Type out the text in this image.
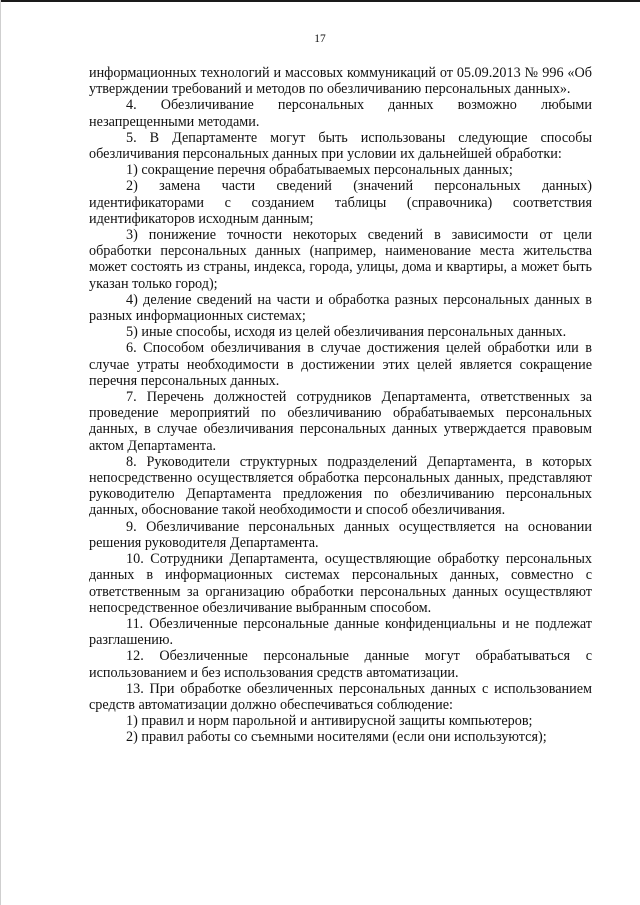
17

информационных технологий и массовых коммуникаций от 05.09.2013 № 996 «Об утверждении требований и методов по обезличиванию персональных данных».

4. Обезличивание персональных данных возможно любыми незапрещенными методами.

5. В Департаменте могут быть использованы следующие способы обезличивания персональных данных при условии их дальнейшей обработки:

1) сокращение перечня обрабатываемых персональных данных;

2) замена части сведений (значений персональных данных) идентификаторами с созданием таблицы (справочника) соответствия идентификаторов исходным данным;

3) понижение точности некоторых сведений в зависимости от цели обработки персональных данных (например, наименование места жительства может состоять из страны, индекса, города, улицы, дома и квартиры, а может быть указан только город);

4) деление сведений на части и обработка разных персональных данных в разных информационных системах;

5) иные способы, исходя из целей обезличивания персональных данных.

6. Способом обезличивания в случае достижения целей обработки или в случае утраты необходимости в достижении этих целей является сокращение перечня персональных данных.

7. Перечень должностей сотрудников Департамента, ответственных за проведение мероприятий по обезличиванию обрабатываемых персональных данных, в случае обезличивания персональных данных утверждается правовым актом Департамента.

8. Руководители структурных подразделений Департамента, в которых непосредственно осуществляется обработка персональных данных, представляют руководителю Департамента предложения по обезличиванию персональных данных, обоснование такой необходимости и способ обезличивания.

9. Обезличивание персональных данных осуществляется на основании решения руководителя Департамента.

10. Сотрудники Департамента, осуществляющие обработку персональных данных в информационных системах персональных данных, совместно с ответственным за организацию обработки персональных данных осуществляют непосредственное обезличивание выбранным способом.

11. Обезличенные персональные данные конфиденциальны и не подлежат разглашению.

12. Обезличенные персональные данные могут обрабатываться с использованием и без использования средств автоматизации.

13. При обработке обезличенных персональных данных с использованием средств автоматизации должно обеспечиваться соблюдение:

1) правил и норм парольной и антивирусной защиты компьютеров;

2) правил работы со съемными носителями (если они используются);
